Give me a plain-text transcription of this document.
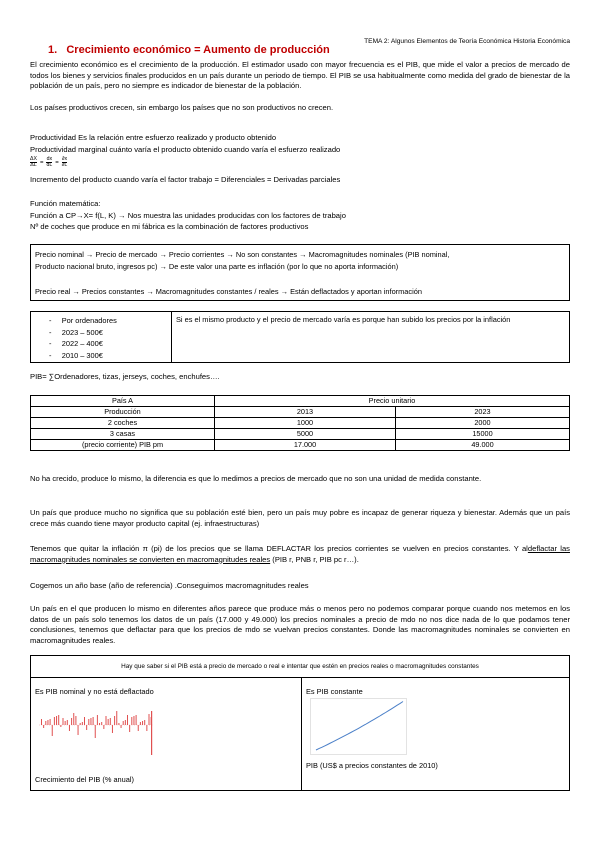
TEMA 2: Algunos Elementos de Teoría Económica Historia Económica
1. Crecimiento económico = Aumento de producción
El crecimiento económico es el crecimiento de la producción. El estimador usado con mayor frecuencia es el PIB, que mide el valor a precios de mercado de todos los bienes y servicios finales producidos en un país durante un periodo de tiempo. El PIB se usa habitualmente como medida del grado de bienestar de la población de un país, pero no siempre es indicador de bienestar de la población.
Los países productivos crecen, sin embargo los países que no son productivos no crecen.
Productividad Es la relación entre esfuerzo realizado y producto obtenido
Productividad marginal cuánto varía el producto obtenido cuando varía el esfuerzo realizado
$\frac{\Delta X}{\Delta L} = \frac{dx}{dL} = \frac{\partial x}{\partial L}$
Incremento del producto cuando varía el factor trabajo = Diferenciales = Derivadas parciales
Función matemática:
Función a CP→X= f(L, K) → Nos muestra las unidades producidas con los factores de trabajo
Nº de coches que produce en mi fábrica es la combinación de factores productivos
Precio nominal → Precio de mercado → Precio corrientes → No son constantes → Macromagnitudes nominales (PIB nominal,
Producto nacional bruto, ingresos pc) → De este valor una parte es inflación (por lo que no aporta información)
Precio real → Precios constantes → Macromagnitudes constantes / reales → Están deflactados y aportan información
-     Por ordenadores
-     2023 – 500€
-     2022 – 400€
-     2010 – 300€
Si es el mismo producto y el precio de mercado varía es porque han subido los precios por la inflación
PIB= ∑Ordenadores, tizas, jerseys, coches, enchufes….
País A	Precio unitario	
Producción	2013	2023
2 coches	1000	2000
3 casas	5000	15000
(precio corriente) PIB pm	17.000	49.000
No ha crecido, produce lo mismo, la diferencia es que lo medimos a precios de mercado que no son una unidad de medida constante.
Un país que produce mucho no significa que su población esté bien, pero un país muy pobre es incapaz de generar riqueza y bienestar. Además que un país crece más cuando tiene mayor producto capital (ej. infraestructuras)
Tenemos que quitar la inflación π (pi) de los precios que se llama DEFLACTAR los precios corrientes se vuelven en precios constantes. Y aldeflactar las macromagnitudes nominales se convierten en macromagnitudes reales (PIB r, PNB r, PIB pc r…).
Cogemos un año base (año de referencia) .Conseguimos macromagnitudes reales
Un país en el que producen lo mismo en diferentes años parece que produce más o menos pero no podemos comparar porque cuando nos metemos en los datos de un país solo tenemos los datos de un país (17.000 y 49.000) los precios nominales a precio de mdo no nos dice nada de lo que podamos tener conclusiones, tenemos que deflactar para que los precios de mdo se vuelvan precios constantes. Donde las macromagnitudes nominales se convierten en macromagnitudes reales.
Hay que saber si el PIB está a precio de mercado o real e intentar que estén en precios reales o macromagnitudes constantes
Es PIB nominal y no está deflactado
Crecimiento del PIB (% anual)
Es PIB constante
PIB (US$ a precios constantes de 2010)
